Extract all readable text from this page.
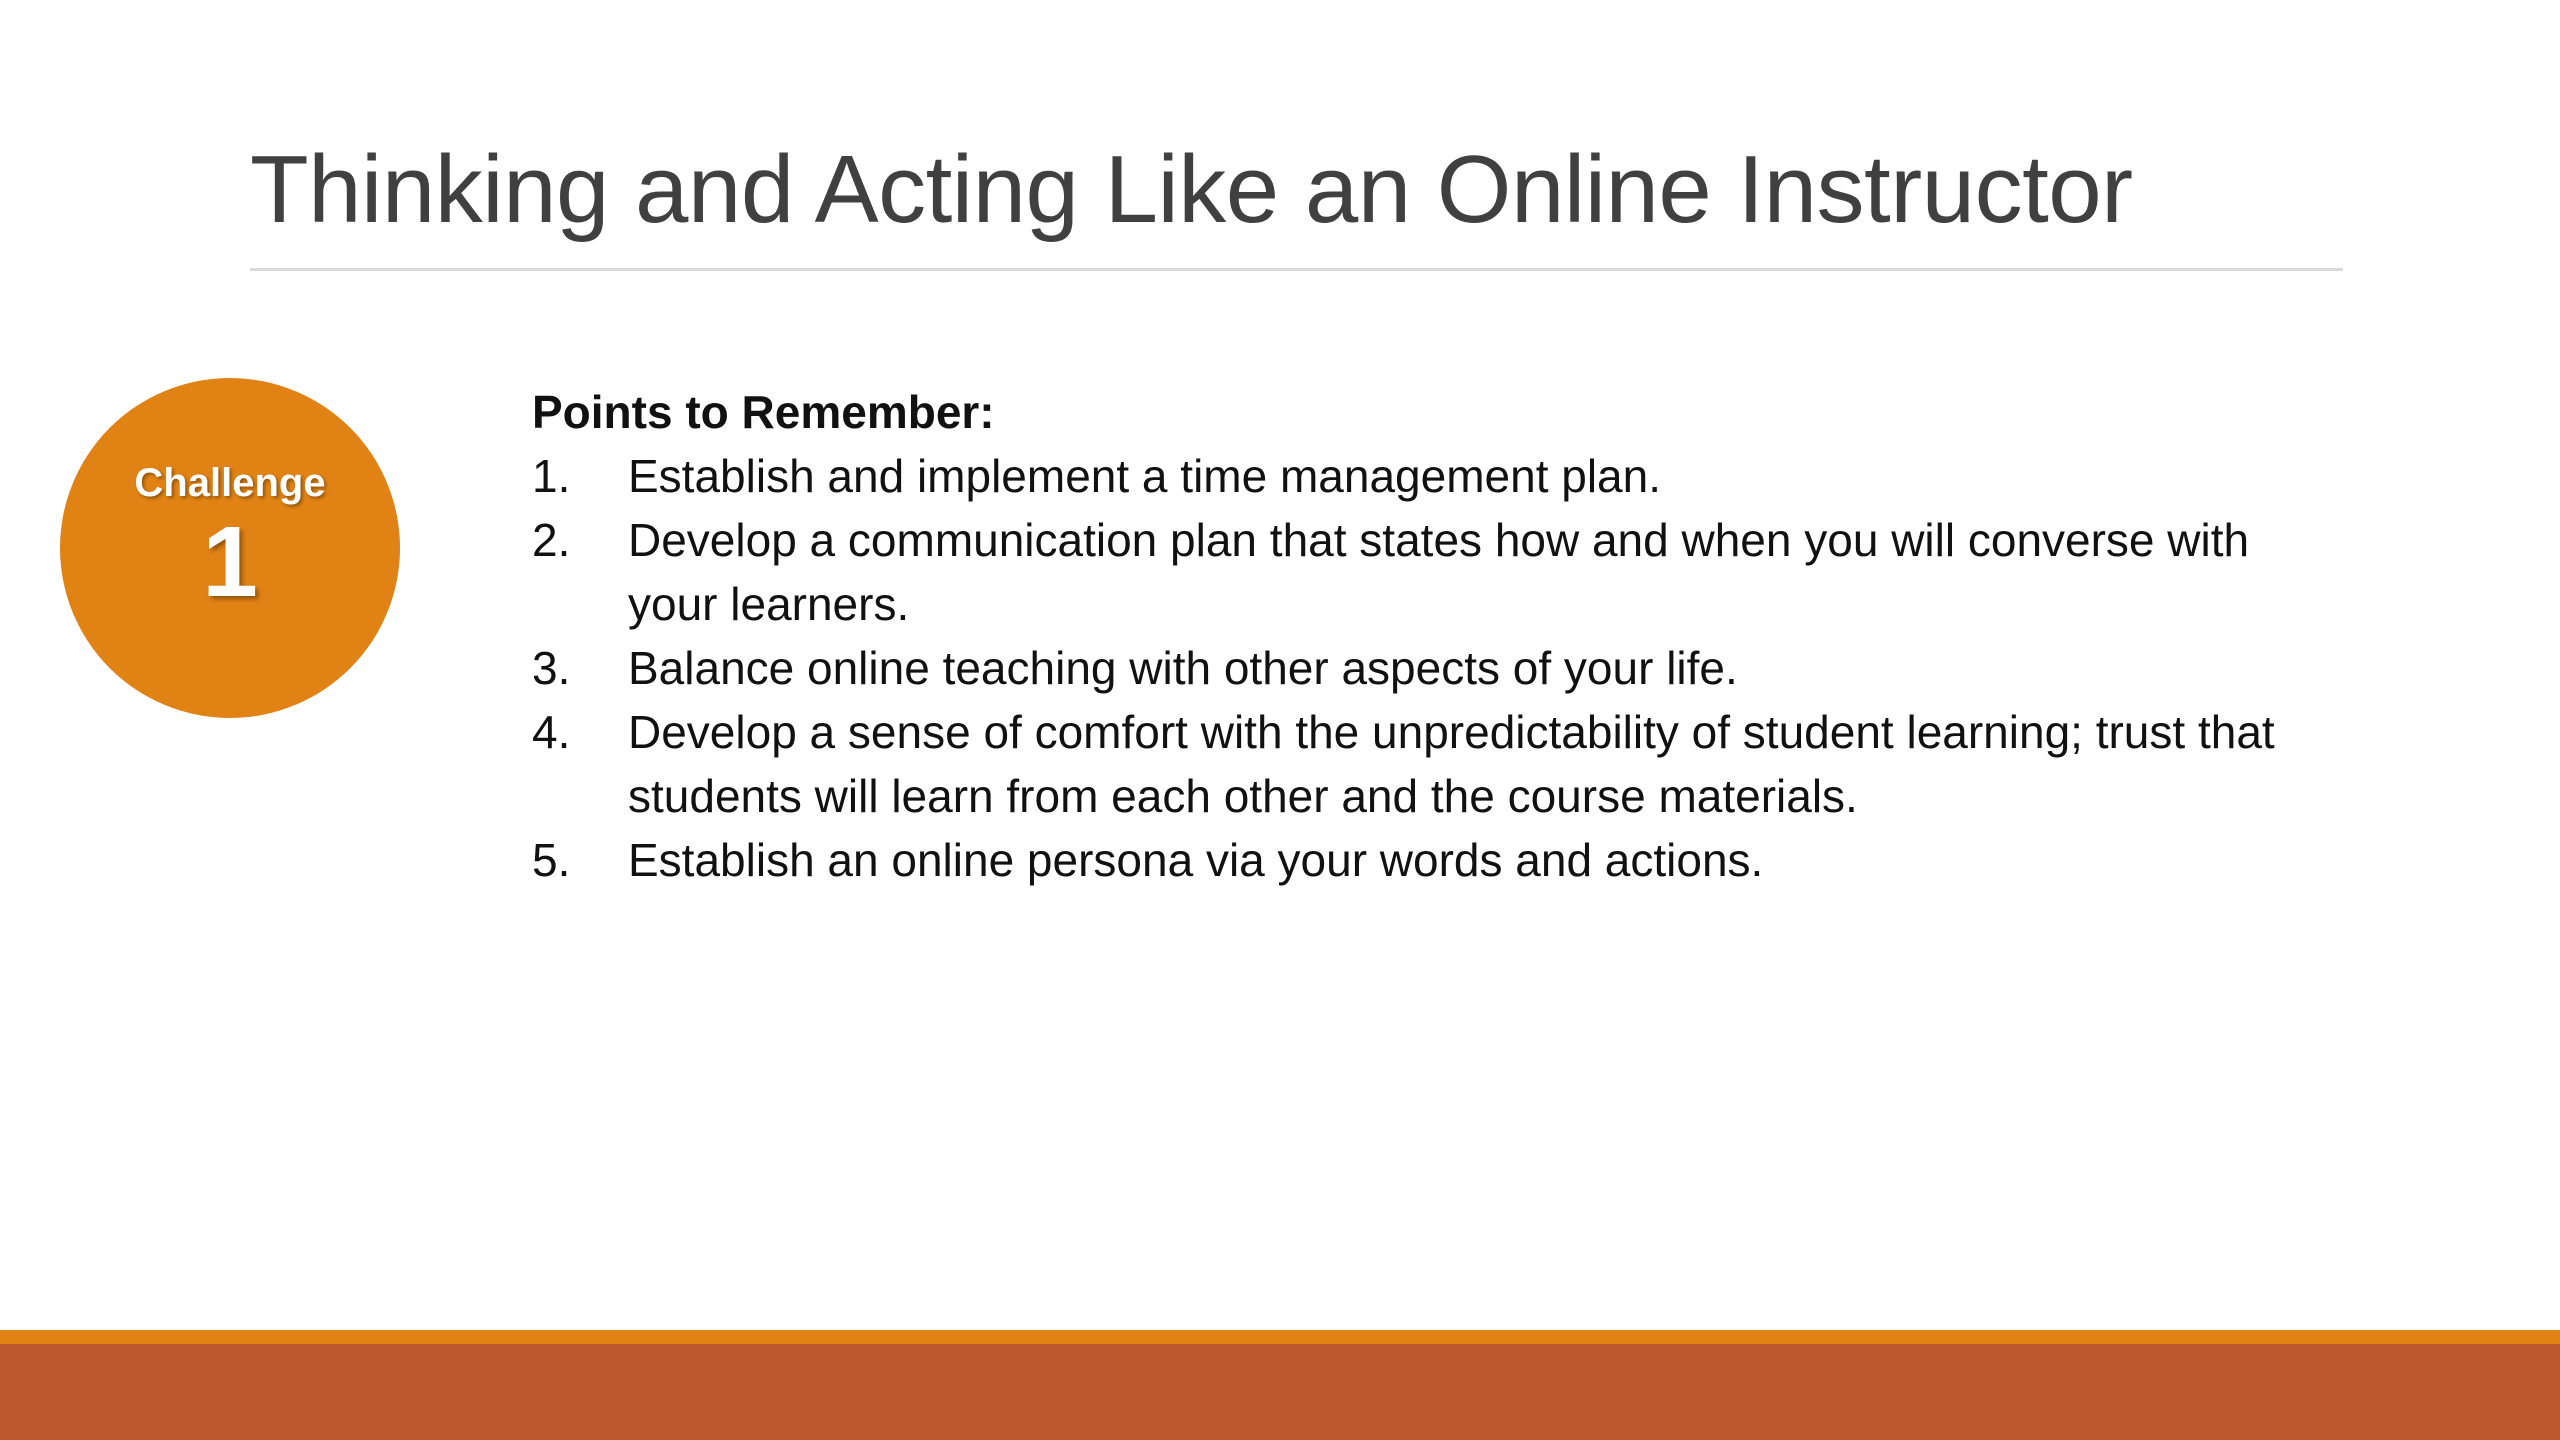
Thinking and Acting Like an Online Instructor
Challenge
1
Points to Remember:
1.	Establish and implement a time management plan.
2.	Develop a communication plan that states how and when you will converse with your learners.
3.	Balance online teaching with other aspects of your life.
4.	Develop a sense of comfort with the unpredictability of student learning; trust that students will learn from each other and the course materials.
5.	Establish an online persona via your words and actions.
